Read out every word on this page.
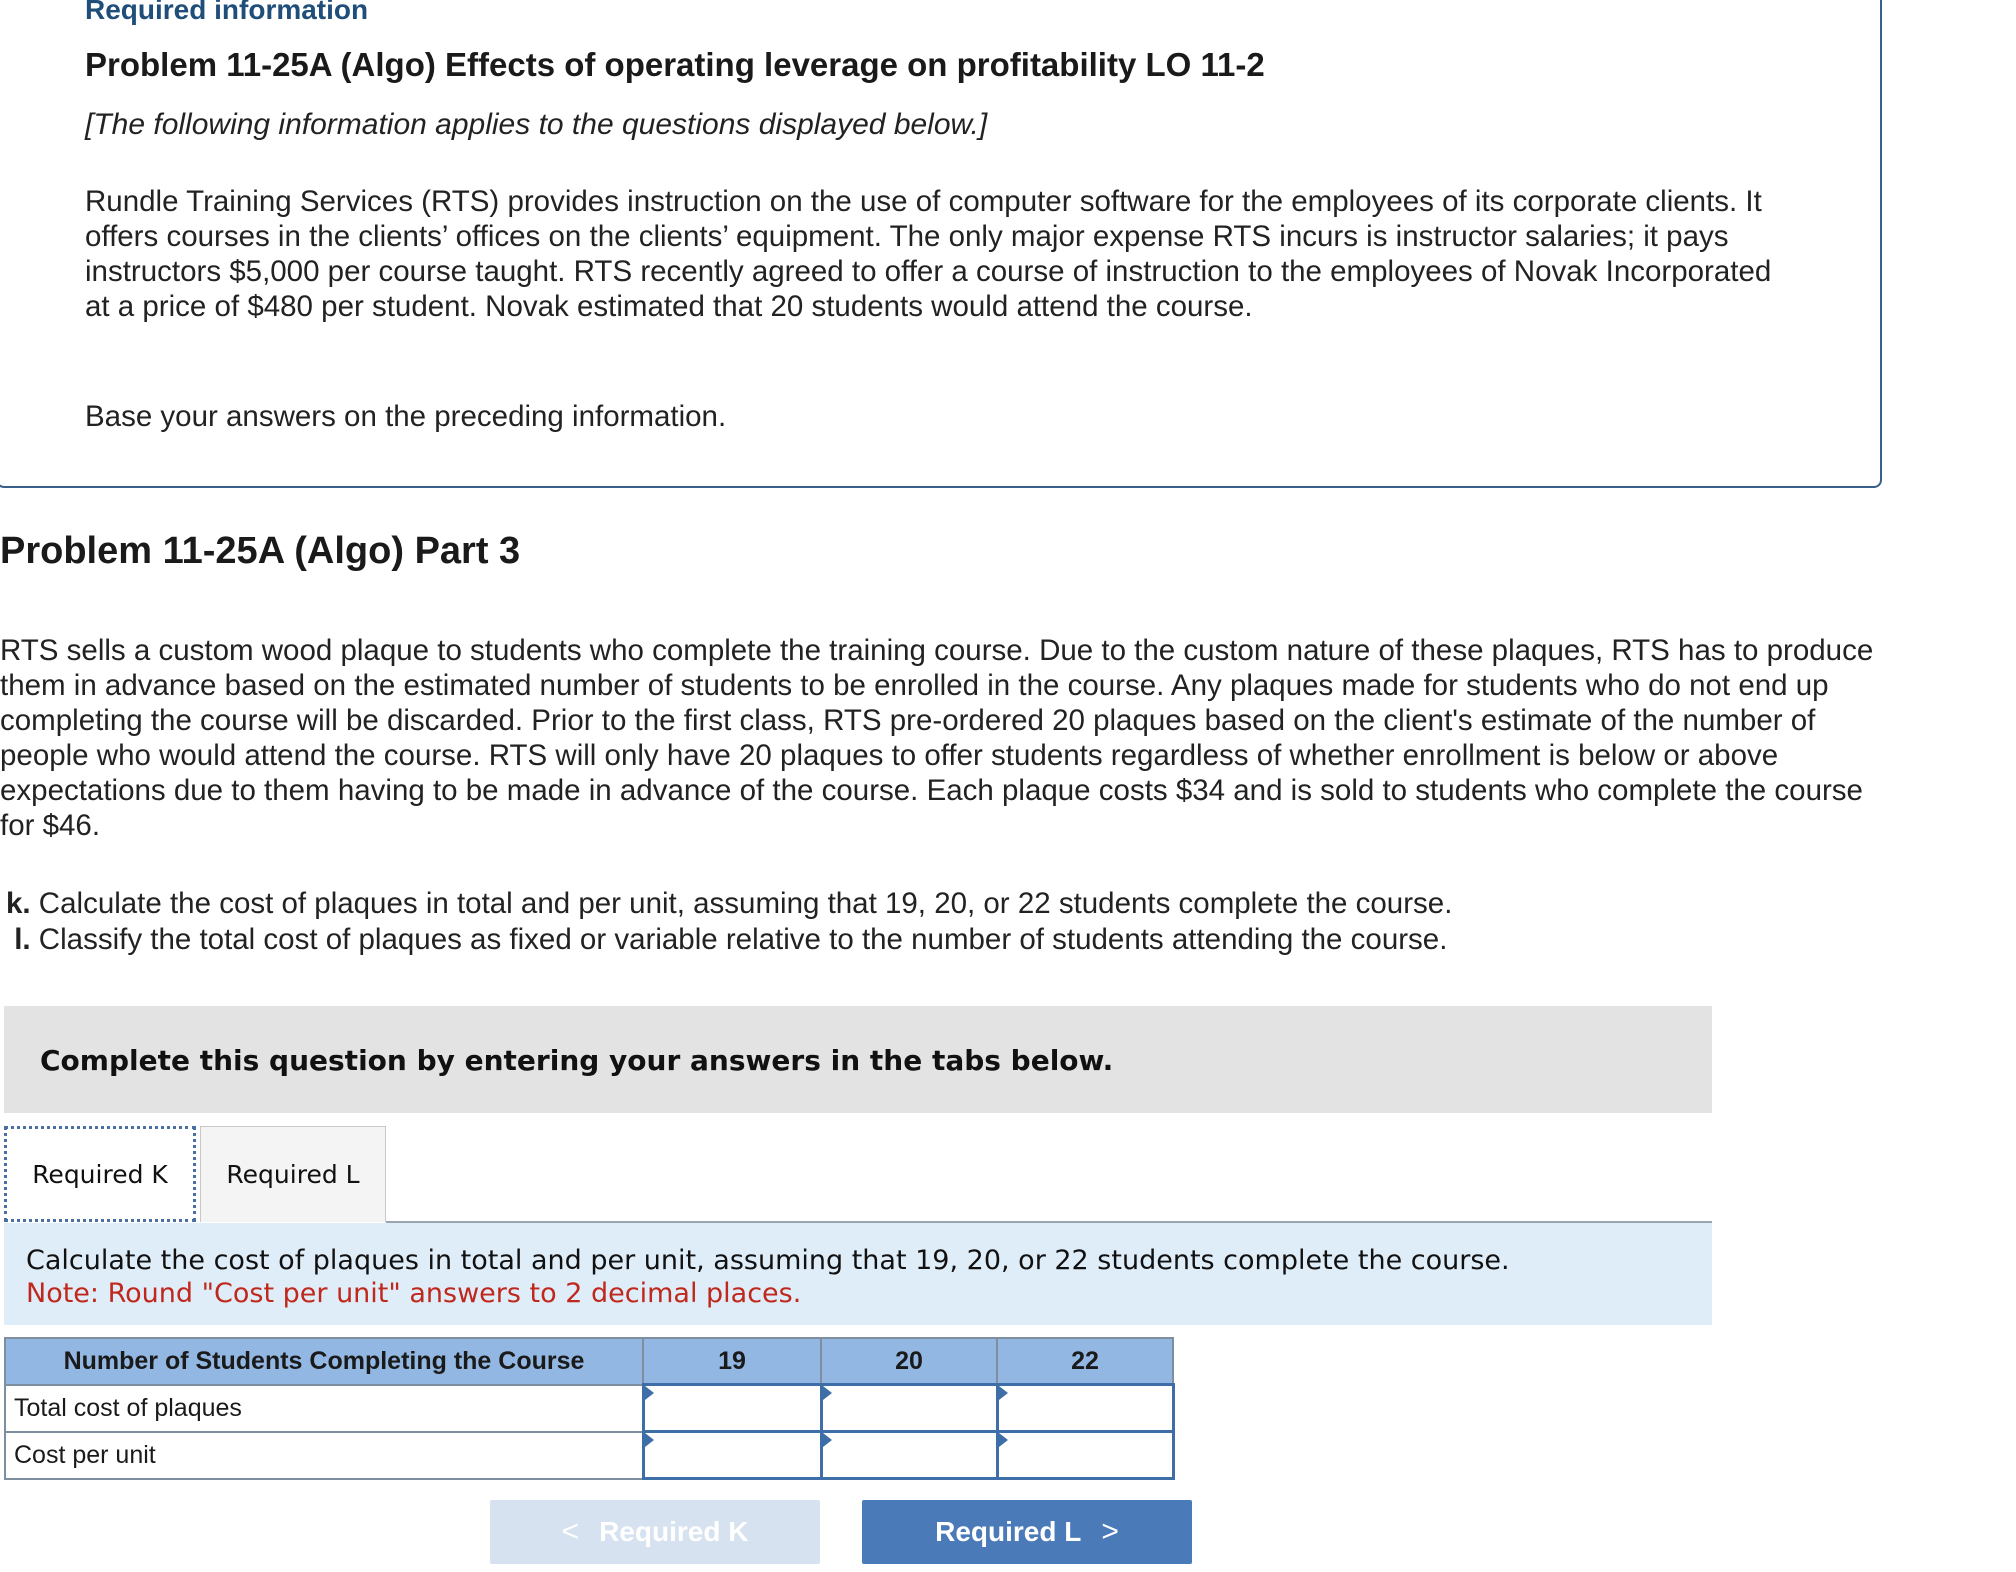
Required information
Problem 11-25A (Algo) Effects of operating leverage on profitability LO 11-2
[The following information applies to the questions displayed below.]
Rundle Training Services (RTS) provides instruction on the use of computer software for the employees of its corporate clients. It offers courses in the clients’ offices on the clients’ equipment. The only major expense RTS incurs is instructor salaries; it pays instructors $5,000 per course taught. RTS recently agreed to offer a course of instruction to the employees of Novak Incorporated at a price of $480 per student. Novak estimated that 20 students would attend the course.
Base your answers on the preceding information.
Problem 11-25A (Algo) Part 3
RTS sells a custom wood plaque to students who complete the training course. Due to the custom nature of these plaques, RTS has to produce them in advance based on the estimated number of students to be enrolled in the course. Any plaques made for students who do not end up completing the course will be discarded. Prior to the first class, RTS pre-ordered 20 plaques based on the client's estimate of the number of people who would attend the course. RTS will only have 20 plaques to offer students regardless of whether enrollment is below or above expectations due to them having to be made in advance of the course. Each plaque costs $34 and is sold to students who complete the course for $46.
k. Calculate the cost of plaques in total and per unit, assuming that 19, 20, or 22 students complete the course.
l. Classify the total cost of plaques as fixed or variable relative to the number of students attending the course.
Complete this question by entering your answers in the tabs below.
Required K	Required L
Calculate the cost of plaques in total and per unit, assuming that 19, 20, or 22 students complete the course.
Note: Round "Cost per unit" answers to 2 decimal places.
Number of Students Completing the Course	19	20	22
Total cost of plaques			
Cost per unit			
< Required K	Required L >
